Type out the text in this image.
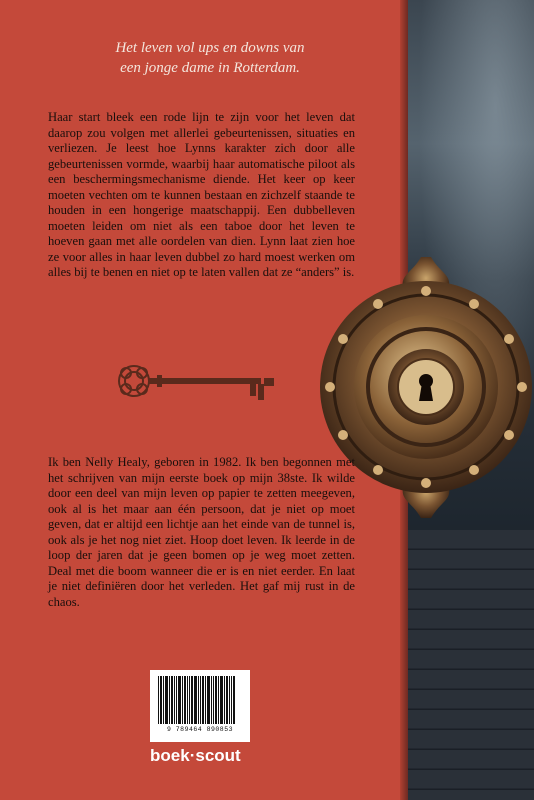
Het leven vol ups en downs van
een jonge dame in Rotterdam.
Haar start bleek een rode lijn te zijn voor het leven dat daarop zou volgen met allerlei gebeurtenissen, situaties en verliezen. Je leest hoe Lynns karakter zich door alle gebeurtenissen vormde, waarbij haar automatische piloot als een beschermingsmechanisme diende. Het keer op keer moeten vechten om te kunnen bestaan en zichzelf staande te houden in een hongerige maatschappij. Een dubbelleven moeten leiden om niet als een taboe door het leven te hoeven gaan met alle oordelen van dien. Lynn laat zien hoe ze voor alles in haar leven dubbel zo hard moest werken om alles bij te benen en niet op te laten vallen dat ze “anders” is.
Ik ben Nelly Healy, geboren in 1982. Ik ben begonnen met het schrijven van mijn eerste boek op mijn 38ste. Ik wilde door een deel van mijn leven op papier te zetten meegeven, ook al is het maar aan één persoon, dat je niet op moet geven, dat er altijd een lichtje aan het einde van de tunnel is, ook als je het nog niet ziet. Hoop doet leven. Ik leerde in de loop der jaren dat je geen bomen op je weg moet zetten. Deal met die boom wanneer die er is en niet eerder. En laat je niet definiëren door het verleden. Het gaf mij rust in de chaos.
9 789464 890853
boek·scout
